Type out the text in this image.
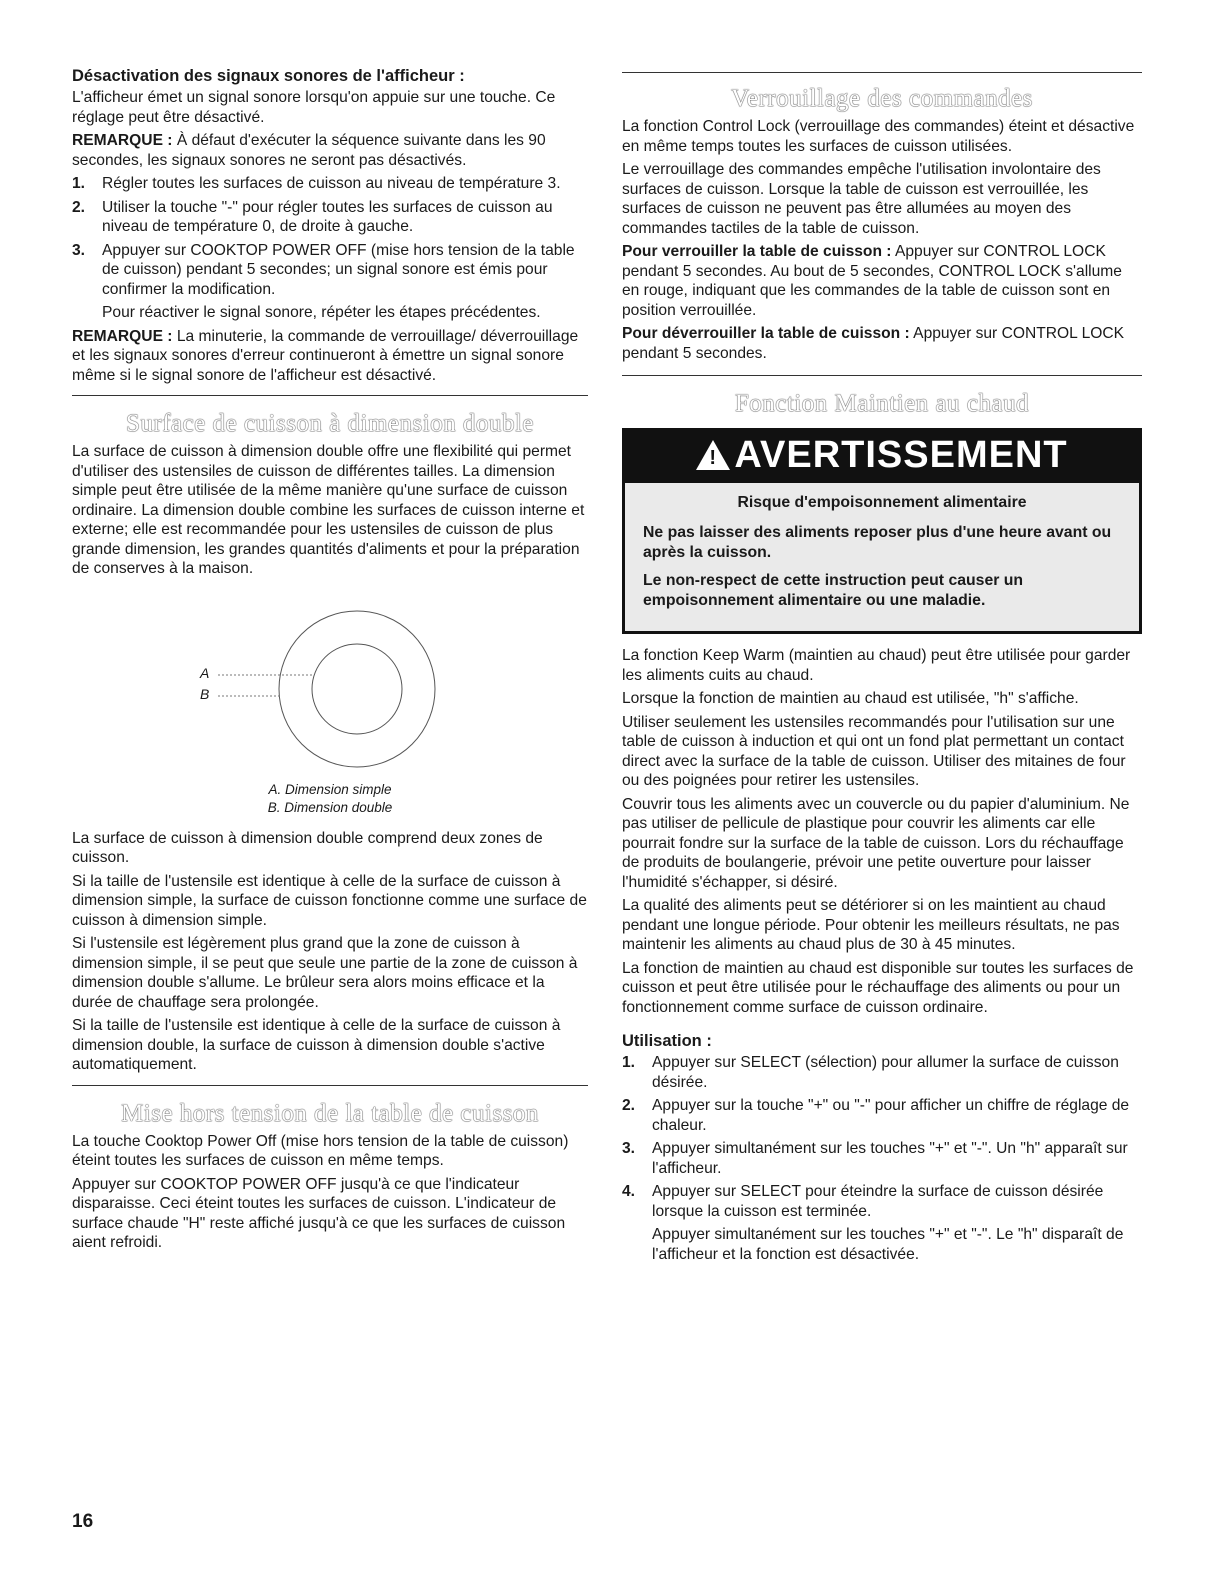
Désactivation des signaux sonores de l'afficheur :

L'afficheur émet un signal sonore lorsqu'on appuie sur une touche. Ce réglage peut être désactivé.

REMARQUE : À défaut d'exécuter la séquence suivante dans les 90 secondes, les signaux sonores ne seront pas désactivés.

1. Régler toutes les surfaces de cuisson au niveau de température 3.
2. Utiliser la touche "-" pour régler toutes les surfaces de cuisson au niveau de température 0, de droite à gauche.
3. Appuyer sur COOKTOP POWER OFF (mise hors tension de la table de cuisson) pendant 5 secondes; un signal sonore est émis pour confirmer la modification.

Pour réactiver le signal sonore, répéter les étapes précédentes.

REMARQUE : La minuterie, la commande de verrouillage/ déverrouillage et les signaux sonores d'erreur continueront à émettre un signal sonore même si le signal sonore de l'afficheur est désactivé.

Surface de cuisson à dimension double

La surface de cuisson à dimension double offre une flexibilité qui permet d'utiliser des ustensiles de cuisson de différentes tailles. La dimension simple peut être utilisée de la même manière qu'une surface de cuisson ordinaire. La dimension double combine les surfaces de cuisson interne et externe; elle est recommandée pour les ustensiles de cuisson de plus grande dimension, les grandes quantités d'aliments et pour la préparation de conserves à la maison.

A
B
A. Dimension simple
B. Dimension double

La surface de cuisson à dimension double comprend deux zones de cuisson.

Si la taille de l'ustensile est identique à celle de la surface de cuisson à dimension simple, la surface de cuisson fonctionne comme une surface de cuisson à dimension simple.

Si l'ustensile est légèrement plus grand que la zone de cuisson à dimension simple, il se peut que seule une partie de la zone de cuisson à dimension double s'allume. Le brûleur sera alors moins efficace et la durée de chauffage sera prolongée.

Si la taille de l'ustensile est identique à celle de la surface de cuisson à dimension double, la surface de cuisson à dimension double s'active automatiquement.

Mise hors tension de la table de cuisson

La touche Cooktop Power Off (mise hors tension de la table de cuisson) éteint toutes les surfaces de cuisson en même temps.

Appuyer sur COOKTOP POWER OFF jusqu'à ce que l'indicateur disparaisse. Ceci éteint toutes les surfaces de cuisson. L'indicateur de surface chaude "H" reste affiché jusqu'à ce que les surfaces de cuisson aient refroidi.

Verrouillage des commandes

La fonction Control Lock (verrouillage des commandes) éteint et désactive en même temps toutes les surfaces de cuisson utilisées.

Le verrouillage des commandes empêche l'utilisation involontaire des surfaces de cuisson. Lorsque la table de cuisson est verrouillée, les surfaces de cuisson ne peuvent pas être allumées au moyen des commandes tactiles de la table de cuisson.

Pour verrouiller la table de cuisson : Appuyer sur CONTROL LOCK pendant 5 secondes. Au bout de 5 secondes, CONTROL LOCK s'allume en rouge, indiquant que les commandes de la table de cuisson sont en position verrouillée.

Pour déverrouiller la table de cuisson : Appuyer sur CONTROL LOCK pendant 5 secondes.

Fonction Maintien au chaud
! AVERTISSEMENT

Risque d'empoisonnement alimentaire

Ne pas laisser des aliments reposer plus d'une heure avant ou après la cuisson.

Le non-respect de cette instruction peut causer un empoisonnement alimentaire ou une maladie.

La fonction Keep Warm (maintien au chaud) peut être utilisée pour garder les aliments cuits au chaud.

Lorsque la fonction de maintien au chaud est utilisée, "h" s'affiche.

Utiliser seulement les ustensiles recommandés pour l'utilisation sur une table de cuisson à induction et qui ont un fond plat permettant un contact direct avec la surface de la table de cuisson. Utiliser des mitaines de four ou des poignées pour retirer les ustensiles.

Couvrir tous les aliments avec un couvercle ou du papier d'aluminium. Ne pas utiliser de pellicule de plastique pour couvrir les aliments car elle pourrait fondre sur la surface de la table de cuisson. Lors du réchauffage de produits de boulangerie, prévoir une petite ouverture pour laisser l'humidité s'échapper, si désiré.

La qualité des aliments peut se détériorer si on les maintient au chaud pendant une longue période. Pour obtenir les meilleurs résultats, ne pas maintenir les aliments au chaud plus de 30 à 45 minutes.

La fonction de maintien au chaud est disponible sur toutes les surfaces de cuisson et peut être utilisée pour le réchauffage des aliments ou pour un fonctionnement comme surface de cuisson ordinaire.

Utilisation :
1. Appuyer sur SELECT (sélection) pour allumer la surface de cuisson désirée.
2. Appuyer sur la touche "+" ou "-" pour afficher un chiffre de réglage de chaleur.
3. Appuyer simultanément sur les touches "+" et "-". Un "h" apparaît sur l'afficheur.
4. Appuyer sur SELECT pour éteindre la surface de cuisson désirée lorsque la cuisson est terminée.

Appuyer simultanément sur les touches "+" et "-". Le "h" disparaît de l'afficheur et la fonction est désactivée.

16
